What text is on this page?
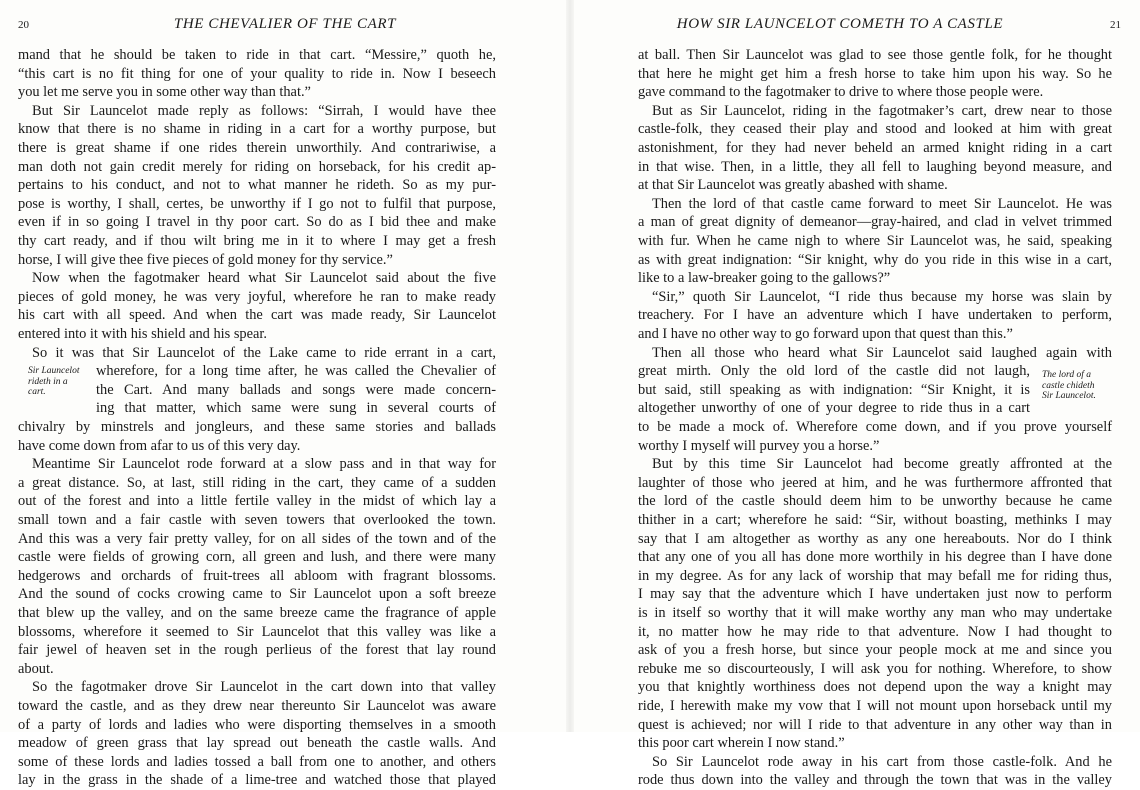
20	THE CHEVALIER OF THE CART
mand that he should be taken to ride in that cart. “Messire,” quoth he,
“this cart is no fit thing for one of your quality to ride in. Now I beseech
you let me serve you in some other way than that.”
But Sir Launcelot made reply as follows: “Sirrah, I would have thee
know that there is no shame in riding in a cart for a worthy purpose, but
there is great shame if one rides therein unworthily. And contrariwise, a
man doth not gain credit merely for riding on horseback, for his credit ap-
pertains to his conduct, and not to what manner he rideth. So as my pur-
pose is worthy, I shall, certes, be unworthy if I go not to fulfil that purpose,
even if in so going I travel in thy poor cart. So do as I bid thee and make
thy cart ready, and if thou wilt bring me in it to where I may get a fresh
horse, I will give thee five pieces of gold money for thy service.”
Now when the fagotmaker heard what Sir Launcelot said about the five
pieces of gold money, he was very joyful, wherefore he ran to make ready
his cart with all speed. And when the cart was made ready, Sir Launcelot
entered into it with his shield and his spear.
So it was that Sir Launcelot of the Lake came to ride errant in a cart,
wherefore, for a long time after, he was called the Chevalier of
the Cart. And many ballads and songs were made concern-
ing that matter, which same were sung in several courts of
chivalry by minstrels and jongleurs, and these same stories and ballads
have come down from afar to us of this very day.
Meantime Sir Launcelot rode forward at a slow pass and in that way for
a great distance. So, at last, still riding in the cart, they came of a sudden
out of the forest and into a little fertile valley in the midst of which lay a
small town and a fair castle with seven towers that overlooked the town.
And this was a very fair pretty valley, for on all sides of the town and of the
castle were fields of growing corn, all green and lush, and there were many
hedgerows and orchards of fruit-trees all abloom with fragrant blossoms.
And the sound of cocks crowing came to Sir Launcelot upon a soft breeze
that blew up the valley, and on the same breeze came the fragrance of apple
blossoms, wherefore it seemed to Sir Launcelot that this valley was like a
fair jewel of heaven set in the rough perlieus of the forest that lay round
about.
So the fagotmaker drove Sir Launcelot in the cart down into that valley
toward the castle, and as they drew near thereunto Sir Launcelot was aware
of a party of lords and ladies who were disporting themselves in a smooth
meadow of green grass that lay spread out beneath the castle walls. And
some of these lords and ladies tossed a ball from one to another, and others
lay in the grass in the shade of a lime-tree and watched those that played
Sir Launcelot
rideth in a
cart.
HOW SIR LAUNCELOT COMETH TO A CASTLE	21
at ball. Then Sir Launcelot was glad to see those gentle folk, for he thought
that here he might get him a fresh horse to take him upon his way. So he
gave command to the fagotmaker to drive to where those people were.
But as Sir Launcelot, riding in the fagotmaker’s cart, drew near to those
castle-folk, they ceased their play and stood and looked at him with great
astonishment, for they had never beheld an armed knight riding in a cart
in that wise. Then, in a little, they all fell to laughing beyond measure, and
at that Sir Launcelot was greatly abashed with shame.
Then the lord of that castle came forward to meet Sir Launcelot. He was
a man of great dignity of demeanor—gray-haired, and clad in velvet trimmed
with fur. When he came nigh to where Sir Launcelot was, he said, speaking
as with great indignation: “Sir knight, why do you ride in this wise in a cart,
like to a law-breaker going to the gallows?”
“Sir,” quoth Sir Launcelot, “I ride thus because my horse was slain by
treachery. For I have an adventure which I have undertaken to perform,
and I have no other way to go forward upon that quest than this.”
Then all those who heard what Sir Launcelot said laughed again with
great mirth. Only the old lord of the castle did not laugh,
but said, still speaking as with indignation: “Sir Knight, it is
altogether unworthy of one of your degree to ride thus in a cart
to be made a mock of. Wherefore come down, and if you prove yourself
worthy I myself will purvey you a horse.”
But by this time Sir Launcelot had become greatly affronted at the
laughter of those who jeered at him, and he was furthermore affronted that
the lord of the castle should deem him to be unworthy because he came
thither in a cart; wherefore he said: “Sir, without boasting, methinks I may
say that I am altogether as worthy as any one hereabouts. Nor do I think
that any one of you all has done more worthily in his degree than I have done
in my degree. As for any lack of worship that may befall me for riding thus,
I may say that the adventure which I have undertaken just now to perform
is in itself so worthy that it will make worthy any man who may undertake
it, no matter how he may ride to that adventure. Now I had thought to
ask of you a fresh horse, but since your people mock at me and since you
rebuke me so discourteously, I will ask you for nothing. Wherefore, to show
you that knightly worthiness does not depend upon the way a knight may
ride, I herewith make my vow that I will not mount upon horseback until my
quest is achieved; nor will I ride to that adventure in any other way than in
this poor cart wherein I now stand.”
So Sir Launcelot rode away in his cart from those castle-folk. And he
rode thus down into the valley and through the town that was in the valley
The lord of a
castle chideth
Sir Launcelot.
